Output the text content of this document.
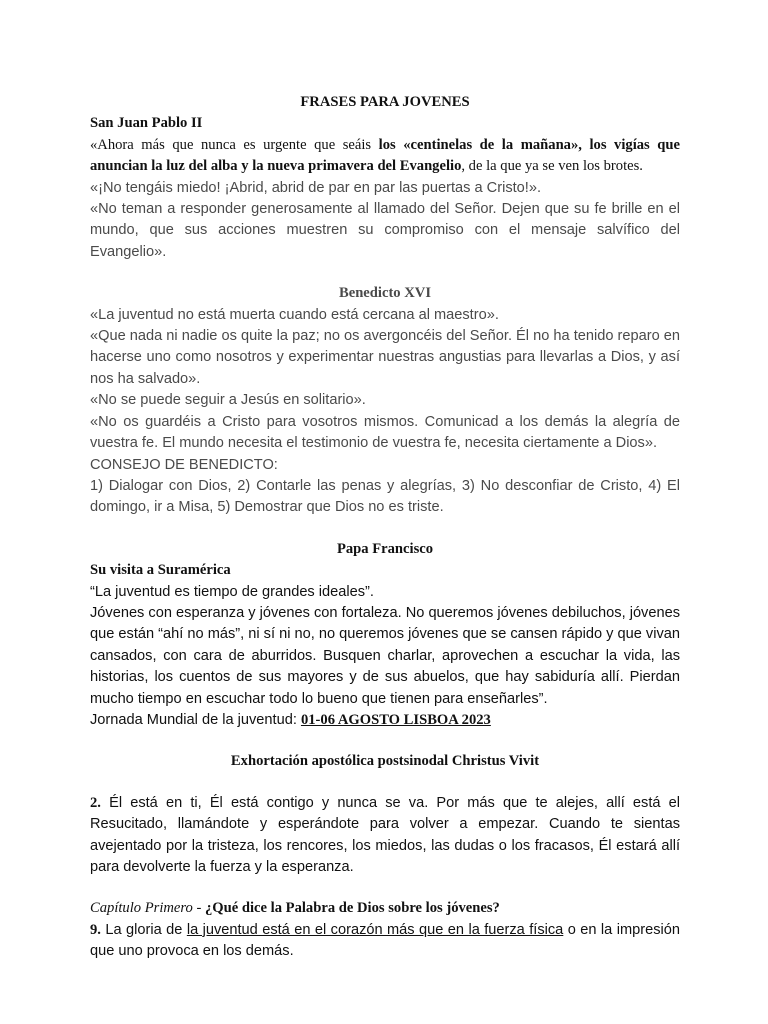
FRASES PARA JOVENES

San Juan Pablo II

«Ahora más que nunca es urgente que seáis los «centinelas de la mañana», los vigías que anuncian la luz del alba y la nueva primavera del Evangelio, de la que ya se ven los brotes.

«¡No tengáis miedo! ¡Abrid, abrid de par en par las puertas a Cristo!».

«No teman a responder generosamente al llamado del Señor. Dejen que su fe brille en el mundo, que sus acciones muestren su compromiso con el mensaje salvífico del Evangelio».

Benedicto XVI

«La juventud no está muerta cuando está cercana al maestro».

«Que nada ni nadie os quite la paz; no os avergoncéis del Señor. Él no ha tenido reparo en hacerse uno como nosotros y experimentar nuestras angustias para llevarlas a Dios, y así nos ha salvado».

«No se puede seguir a Jesús en solitario».

«No os guardéis a Cristo para vosotros mismos. Comunicad a los demás la alegría de vuestra fe. El mundo necesita el testimonio de vuestra fe, necesita ciertamente a Dios».

CONSEJO DE BENEDICTO:

1) Dialogar con Dios, 2) Contarle las penas y alegrías, 3) No desconfiar de Cristo, 4) El domingo, ir a Misa, 5) Demostrar que Dios no es triste.

Papa Francisco

Su visita a Suramérica

“La juventud es tiempo de grandes ideales”.

Jóvenes con esperanza y jóvenes con fortaleza. No queremos jóvenes debiluchos, jóvenes que están “ahí no más”, ni sí ni no, no queremos jóvenes que se cansen rápido y que vivan cansados, con cara de aburridos. Busquen charlar, aprovechen a escuchar la vida, las historias, los cuentos de sus mayores y de sus abuelos, que hay sabiduría allí. Pierdan mucho tiempo en escuchar todo lo bueno que tienen para enseñarles”.

Jornada Mundial de la juventud: 01-06 AGOSTO LISBOA 2023

Exhortación apostólica postsinodal Christus Vivit

2. Él está en ti, Él está contigo y nunca se va. Por más que te alejes, allí está el Resucitado, llamándote y esperándote para volver a empezar. Cuando te sientas avejentado por la tristeza, los rencores, los miedos, las dudas o los fracasos, Él estará allí para devolverte la fuerza y la esperanza.

Capítulo Primero - ¿Qué dice la Palabra de Dios sobre los jóvenes?

9. La gloria de la juventud está en el corazón más que en la fuerza física o en la impresión que uno provoca en los demás.
